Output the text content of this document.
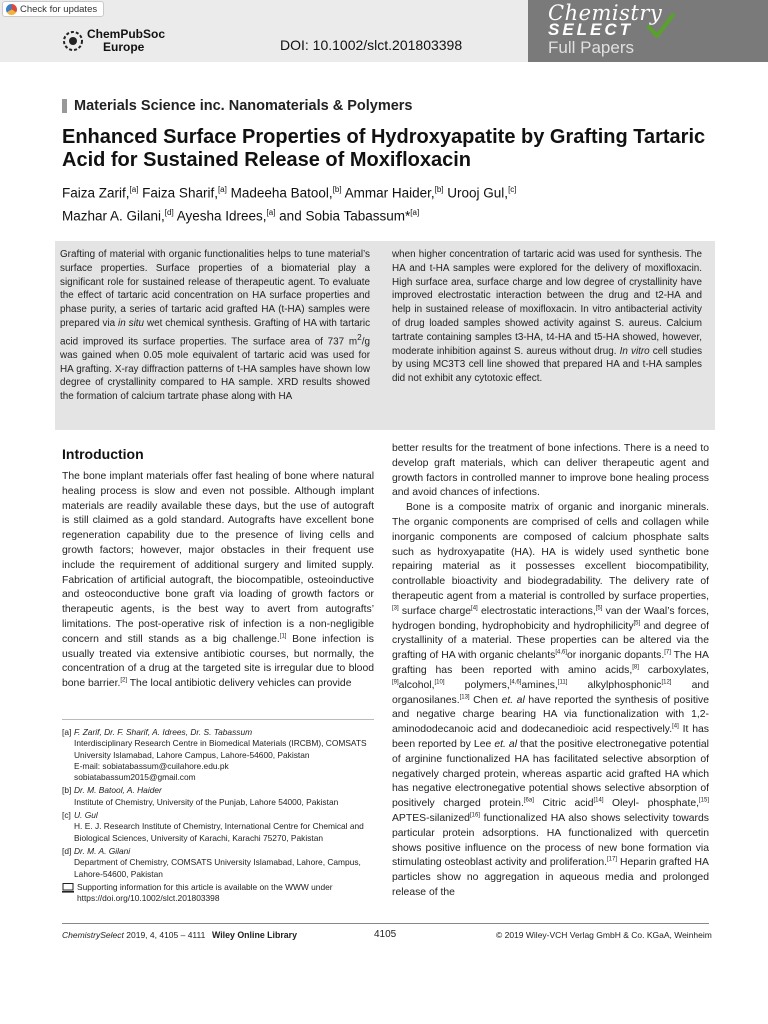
Check for updates
ChemPubSoc
Europe	DOI: 10.1002/slct.201803398
Chemistry
SELECT
Full Papers
Materials Science inc. Nanomaterials & Polymers
Enhanced Surface Properties of Hydroxyapatite by Grafting Tartaric Acid for Sustained Release of Moxifloxacin
Faiza Zarif,[a] Faiza Sharif,[a] Madeeha Batool,[b] Ammar Haider,[b] Urooj Gul,[c]
Mazhar A. Gilani,[d] Ayesha Idrees,[a] and Sobia Tabassum*[a]
Grafting of material with organic functionalities helps to tune material’s surface properties. Surface properties of a biomaterial play a significant role for sustained release of therapeutic agent. To evaluate the effect of tartaric acid concentration on HA surface properties and phase purity, a series of tartaric acid grafted HA (t-HA) samples were prepared via in situ wet chemical synthesis. Grafting of HA with tartaric acid improved its surface properties. The surface area of 737 $m^2/g$ was gained when 0.05 mole equivalent of tartaric acid was used for HA grafting. X-ray diffraction patterns of t-HA samples have shown low degree of crystallinity compared to HA sample. XRD results showed the formation of calcium tartrate phase along with HA
when higher concentration of tartaric acid was used for synthesis. The HA and t-HA samples were explored for the delivery of moxifloxacin. High surface area, surface charge and low degree of crystallinity have improved electrostatic interaction between the drug and t2-HA and help in sustained release of moxifloxacin. In vitro antibacterial activity of drug loaded samples showed activity against S. aureus. Calcium tartrate containing samples t3-HA, t4-HA and t5-HA showed, however, moderate inhibition against S. aureus without drug. In vitro cell studies by using MC3T3 cell line showed that prepared HA and t-HA samples did not exhibit any cytotoxic effect.
Introduction

The bone implant materials offer fast healing of bone where natural healing process is slow and even not possible. Although implant materials are readily available these days, but the use of autograft is still claimed as a gold standard. Autografts have excellent bone regeneration capability due to the presence of living cells and growth factors; however, major obstacles in their frequent use include the requirement of additional surgery and limited supply. Fabrication of artificial autograft, the biocompatible, osteoinductive and osteoconductive bone graft via loading of growth factors or therapeutic agents, is the best way to avert from autografts’ limitations. The post-operative risk of infection is a non-negligible concern and still stands as a big challenge.[1] Bone infection is usually treated via extensive antibiotic courses, but normally, the concentration of a drug at the targeted site is irregular due to blood bone barrier.[2] The local antibiotic delivery vehicles can provide

better results for the treatment of bone infections. There is a need to develop graft materials, which can deliver therapeutic agent and growth factors in controlled manner to improve bone healing process and avoid chances of infections.

Bone is a composite matrix of organic and inorganic minerals. The organic components are comprised of cells and collagen while inorganic components are composed of calcium phosphate salts such as hydroxyapatite (HA). HA is widely used synthetic bone repairing material as it possesses excellent biocompatibility, controllable bioactivity and biodegradability. The delivery rate of therapeutic agent from a material is controlled by surface properties,[3] surface charge[4] electrostatic interactions,[5] van der Waal’s forces, hydrogen bonding, hydrophobicity and hydrophilicity[5] and degree of crystallinity of a material. These properties can be altered via the grafting of HA with organic chelants[4,6]or inorganic dopants.[7] The HA grafting has been reported with amino acids,[8] carboxylates,[9]alcohol,[10] polymers,[4,6]amines,[11] alkylphosphonic[12] and organosilanes.[13] Chen et. al have reported the synthesis of positive and negative charge bearing HA via functionalization with 1,2-aminododecanoic acid and dodecanedioic acid respectively.[4] It has been reported by Lee et. al that the positive electronegative potential of arginine functionalized HA has facilitated selective absorption of negatively charged protein, whereas aspartic acid grafted HA which has negative electronegative potential shows selective absorption of positively charged protein.[6a] Citric acid[14] Oleyl- phosphate,[15] APTES-silanized[16] functionalized HA also shows selectivity towards particular protein adsorptions. HA functionalized with quercetin shows positive influence on the process of new bone formation via stimulating osteoblast activity and proliferation.[17] Heparin grafted HA particles show no aggregation in aqueous media and prolonged release of the

[a] F. Zarif, Dr. F. Sharif, A. Idrees, Dr. S. Tabassum
Interdisciplinary Research Centre in Biomedical Materials (IRCBM), COMSATS University Islamabad, Lahore Campus, Lahore-54600, Pakistan
E-mail: sobiatabassum@cuilahore.edu.pk
sobiatabassum2015@gmail.com
[b] Dr. M. Batool, A. Haider
Institute of Chemistry, University of the Punjab, Lahore 54000, Pakistan
[c] U. Gul
H. E. J. Research Institute of Chemistry, International Centre for Chemical and Biological Sciences, University of Karachi, Karachi 75270, Pakistan
[d] Dr. M. A. Gilani
Department of Chemistry, COMSATS University Islamabad, Lahore, Campus, Lahore-54600, Pakistan
Supporting information for this article is available on the WWW under https://doi.org/10.1002/slct.201803398
ChemistrySelect 2019, 4, 4105 – 4111 Wiley Online Library	4105	© 2019 Wiley-VCH Verlag GmbH & Co. KGaA, Weinheim
